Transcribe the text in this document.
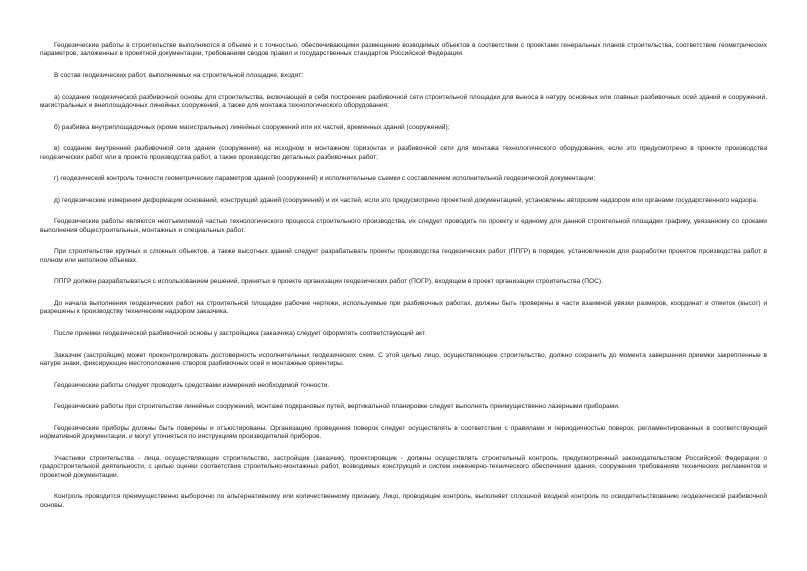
Геодезические работы в строительстве выполняются в объеме и с точностью, обеспечивающими размещение возводимых объектов в соответствии с проектами генеральных планов строительства, соответствие геометрических параметров, заложенных в проектной документации, требованиям сводов правил и государственных стандартов Российской Федерации.

В состав геодезических работ, выполняемых на строительной площадке, входят:

а) создание геодезической разбивочной основы для строительства, включающей в себя построение разбивочной сети строительной площадки для выноса в натуру основных или главных разбивочных осей зданий и сооружений, магистральных и внеплощадочных линейных сооружений, а также для монтажа технологического оборудования;

б) разбивка внутриплощадочных (кроме магистральных) линейных сооружений или их частей, временных зданий (сооружений);

в) создание внутренней разбивочной сети здания (сооружения) на исходном и монтажном горизонтах и разбивочной сети для монтажа технологического оборудования, если это предусмотрено в проекте производства геодезических работ или в проекте производства работ, а также производство детальных разбивочных работ;

г) геодезический контроль точности геометрических параметров зданий (сооружений) и исполнительные съемки с составлением исполнительной геодезической документации;

д) геодезические измерения деформации оснований, конструкций зданий (сооружений) и их частей, если это предусмотрено проектной документацией, установлены авторским надзором или органами государственного надзора.

Геодезические работы являются неотъемлемой частью технологического процесса строительного производства, их следует проводить по проекту и единому для данной строительной площадки графику, увязанному со сроками выполнения общестроительных, монтажных и специальных работ.

При строительстве крупных и сложных объектов, а также высотных зданий следует разрабатывать проекты производства геодезических работ (ППГР) в порядке, установленном для разработки проектов производства работ в полном или неполном объемах.

ППГР должен разрабатываться с использованием решений, принятых в проекте организации геодезических работ (ПОГР), входящем в проект организации строительства (ПОС).

До начала выполнения геодезических работ на строительной площадке рабочие чертежи, используемые при разбивочных работах, должны быть проверены в части взаимной увязки размеров, координат и отметок (высот) и разрешены к производству техническим надзором заказчика.

После приемки геодезической разбивочной основы у застройщика (заказчика) следует оформлять соответствующий акт.

Заказчик (застройщик) может проконтролировать достоверность исполнительных геодезических схем. С этой целью лицо, осуществляющее строительство, должно сохранить до момента завершения приемки закрепленные в натуре знаки, фиксирующие местоположение створов разбивочных осей и монтажные ориентиры.

Геодезические работы следует проводить средствами измерений необходимой точности.

Геодезические работы при строительстве линейных сооружений, монтаже подкрановых путей, вертикальной планировке следует выполнять преимущественно лазерными приборами.

Геодезические приборы должны быть поверены и отъюстированы. Организацию проведения поверок следует осуществлять в соответствии с правилами и периодичностью поверок, регламентированных в соответствующей нормативной документации, и могут уточняться по инструкциям производителей приборов.

Участники строительства - лица, осуществляющие строительство, застройщик (заказчик), проектировщик - должны осуществлять строительный контроль, предусмотренный законодательством Российской Федерации о градостроительной деятельности, с целью оценки соответствия строительно-монтажных работ, возводимых конструкций и систем инженерно-технического обеспечения здания, сооружения требованиям технических регламентов и проектной документации.

Контроль проводится преимущественно выборочно по альтернативному или количественному признаку. Лицо, проводящее контроль, выполняет сплошной входной контроль по освидетельствованию геодезической разбивочной основы.
